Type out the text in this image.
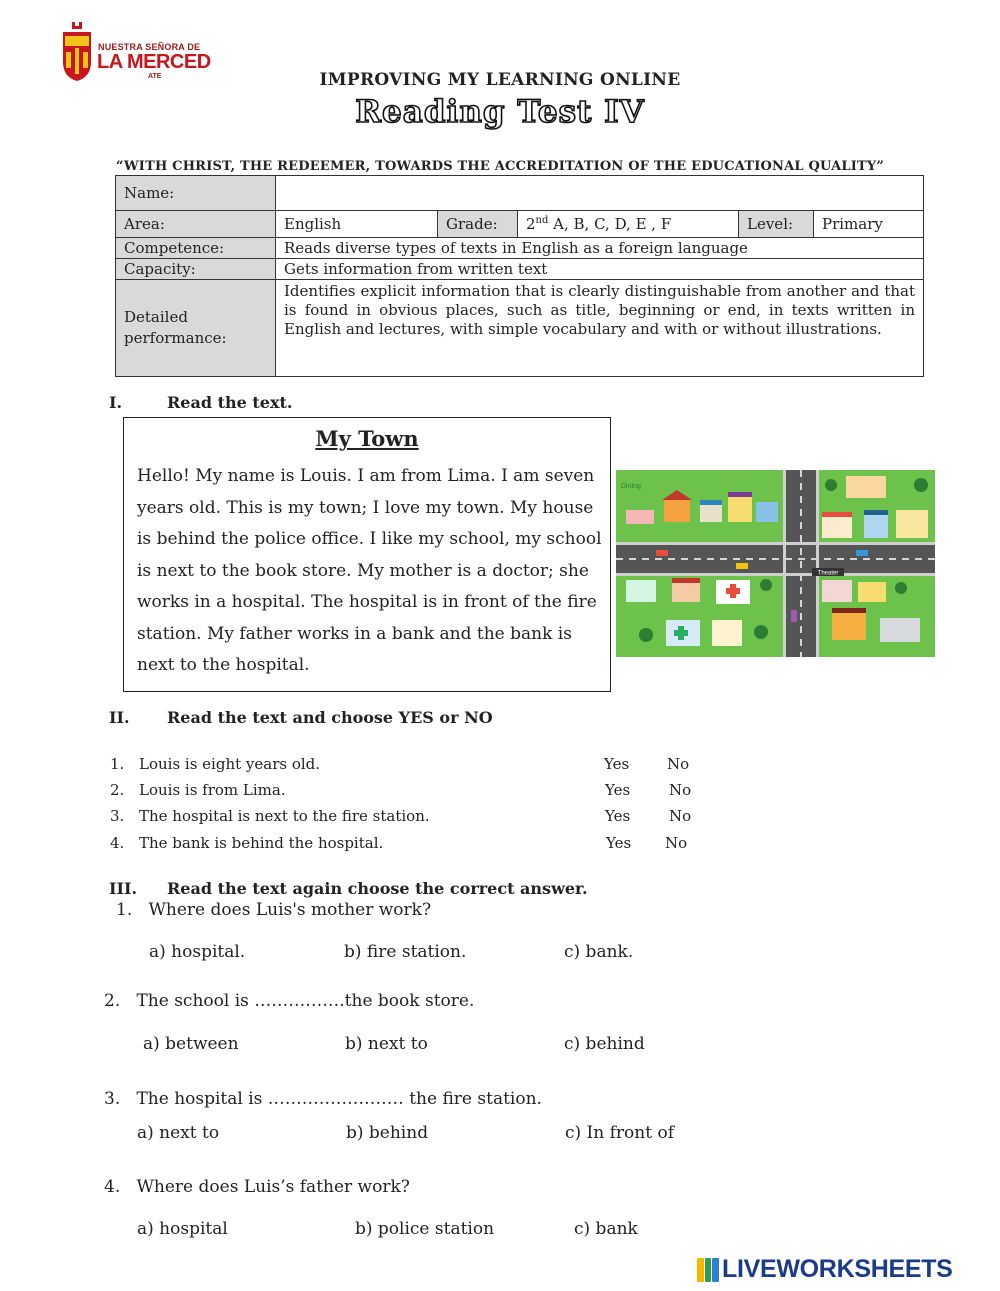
NUESTRA SEÑORA DE
LA MERCED
ATE	IMPROVING MY LEARNING ONLINE
Reading Test IV
“WITH CHRIST, THE REDEEMER, TOWARDS THE ACCREDITATION OF THE EDUCATIONAL QUALITY”
Name:					
Area:	English	Grade:	2nd A, B, C, D, E , F	Level:	Primary
Competence:	Reads diverse types of texts in English as a foreign language				
Capacity:	Gets information from written text				
Detailed performance:	Identifies explicit information that is clearly distinguishable from another and that is found in obvious places, such as title, beginning or end, in texts written in English and lectures, with simple vocabulary and with or without illustrations.				
I.	Read the text.
My Town
Hello! My name is Louis. I am from Lima. I am seven years old. This is my town; I love my town. My house is behind the police office. I like my school, my school is next to the book store. My mother is a doctor; she works in a hospital. The hospital is in front of the fire station. My father works in a bank and the bank is next to the hospital.
Theater
Dining
II. Read the text and choose YES or NO
1. Louis is eight years old.	Yes	No
2. Louis is from Lima.	Yes	No
3. The hospital is next to the fire station.	Yes	No
4. The bank is behind the hospital.	Yes No
III. Read the text again choose the correct answer.
1. Where does Luis's mother work?
a) hospital.	b) fire station.	c) bank.
2. The school is …………….the book store.
a) between	b) next to	c) behind
3. The hospital is …………………… the fire station.
a) next to	b) behind	c) In front of
4. Where does Luis’s father work?
a) hospital	b) police station	c) bank
LIVEWORKSHEETS
